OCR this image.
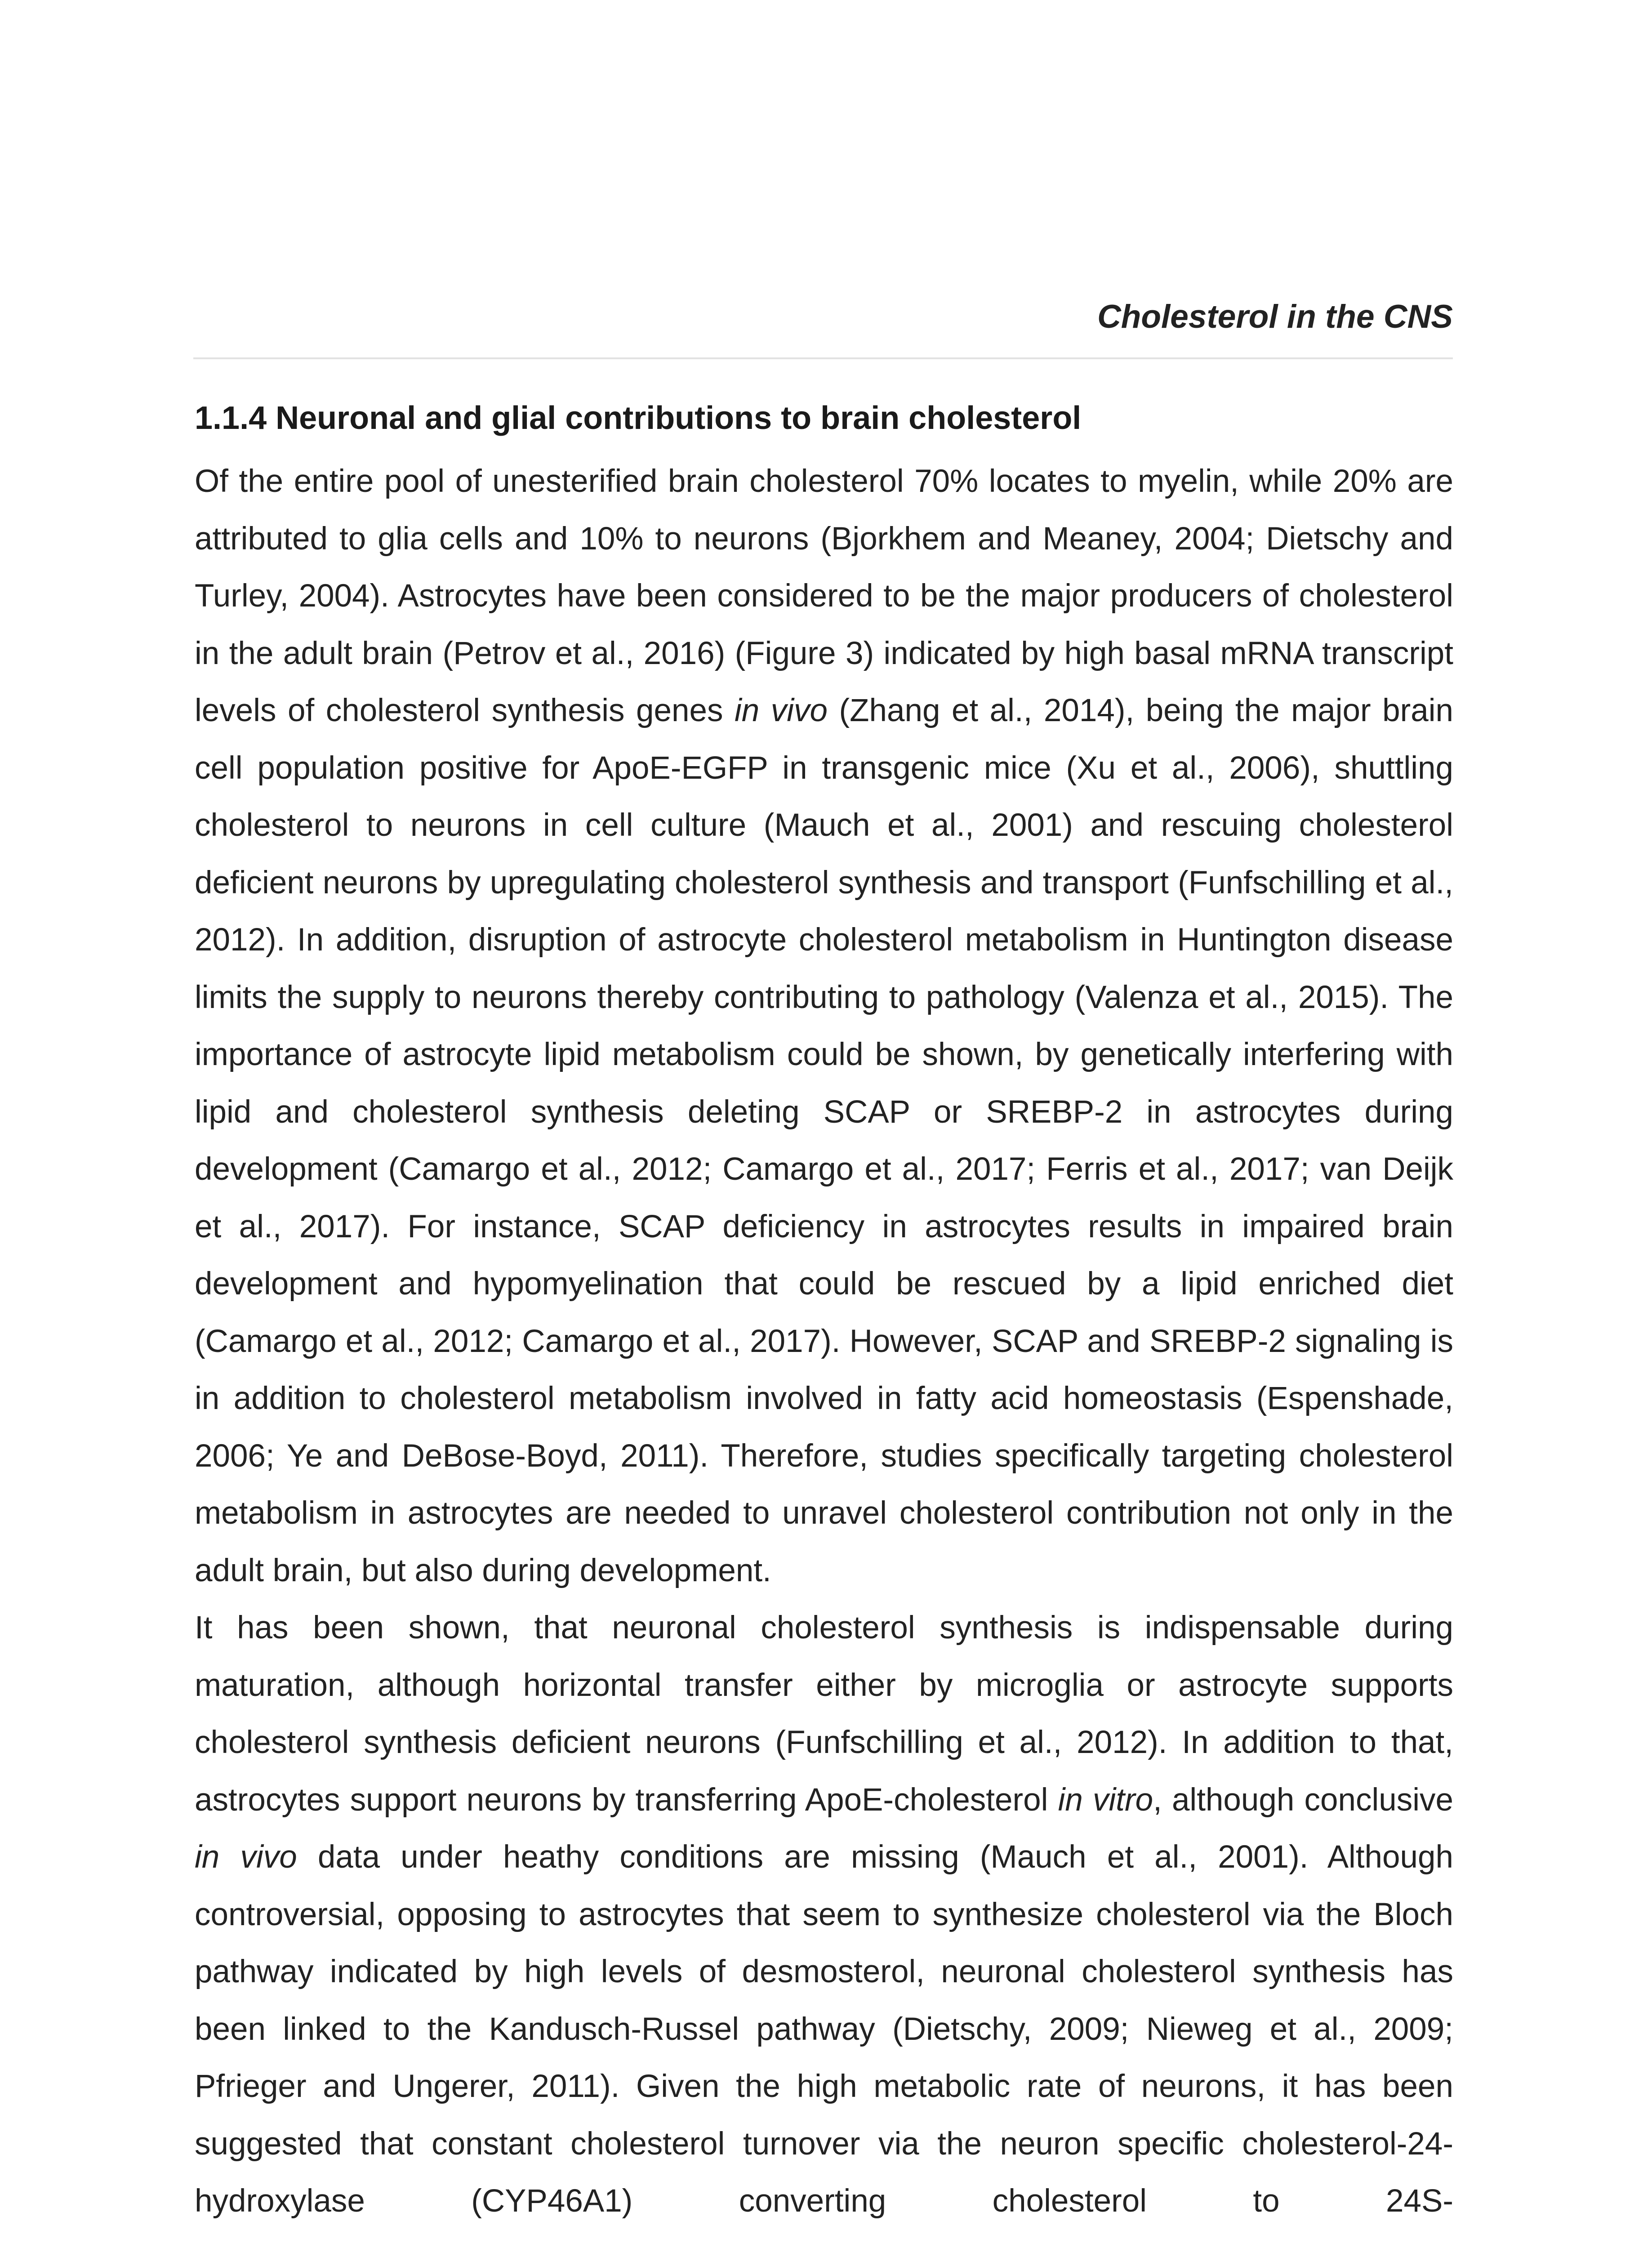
Cholesterol in the CNS
1.1.4 Neuronal and glial contributions to brain cholesterol

Of the entire pool of unesterified brain cholesterol 70% locates to myelin, while 20% are attributed to glia cells and 10% to neurons (Bjorkhem and Meaney, 2004; Dietschy and Turley, 2004). Astrocytes have been considered to be the major producers of cholesterol in the adult brain (Petrov et al., 2016) (Figure 3) indicated by high basal mRNA transcript levels of cholesterol synthesis genes in vivo (Zhang et al., 2014), being the major brain cell population positive for ApoE-EGFP in transgenic mice (Xu et al., 2006), shuttling cholesterol to neurons in cell culture (Mauch et al., 2001) and rescuing cholesterol deficient neurons by upregulating cholesterol synthesis and transport (Funfschilling et al., 2012). In addition, disruption of astrocyte cholesterol metabolism in Huntington disease limits the supply to neurons thereby contributing to pathology (Valenza et al., 2015). The importance of astrocyte lipid metabolism could be shown, by genetically interfering with lipid and cholesterol synthesis deleting SCAP or SREBP-2 in astrocytes during development (Camargo et al., 2012; Camargo et al., 2017; Ferris et al., 2017; van Deijk et al., 2017). For instance, SCAP deficiency in astrocytes results in impaired brain development and hypomyelination that could be rescued by a lipid enriched diet (Camargo et al., 2012; Camargo et al., 2017). However, SCAP and SREBP-2 signaling is in addition to cholesterol metabolism involved in fatty acid homeostasis (Espenshade, 2006; Ye and DeBose-Boyd, 2011). Therefore, studies specifically targeting cholesterol metabolism in astrocytes are needed to unravel cholesterol contribution not only in the adult brain, but also during development.

It has been shown, that neuronal cholesterol synthesis is indispensable during maturation, although horizontal transfer either by microglia or astrocyte supports cholesterol synthesis deficient neurons (Funfschilling et al., 2012). In addition to that, astrocytes support neurons by transferring ApoE-cholesterol in vitro, although conclusive in vivo data under heathy conditions are missing (Mauch et al., 2001). Although controversial, opposing to astrocytes that seem to synthesize cholesterol via the Bloch pathway indicated by high levels of desmosterol, neuronal cholesterol synthesis has been linked to the Kandusch-Russel pathway (Dietschy, 2009; Nieweg et al., 2009; Pfrieger and Ungerer, 2011). Given the high metabolic rate of neurons, it has been suggested that constant cholesterol turnover via the neuron specific cholesterol-24-hydroxylase (CYP46A1) converting cholesterol to 24S-
